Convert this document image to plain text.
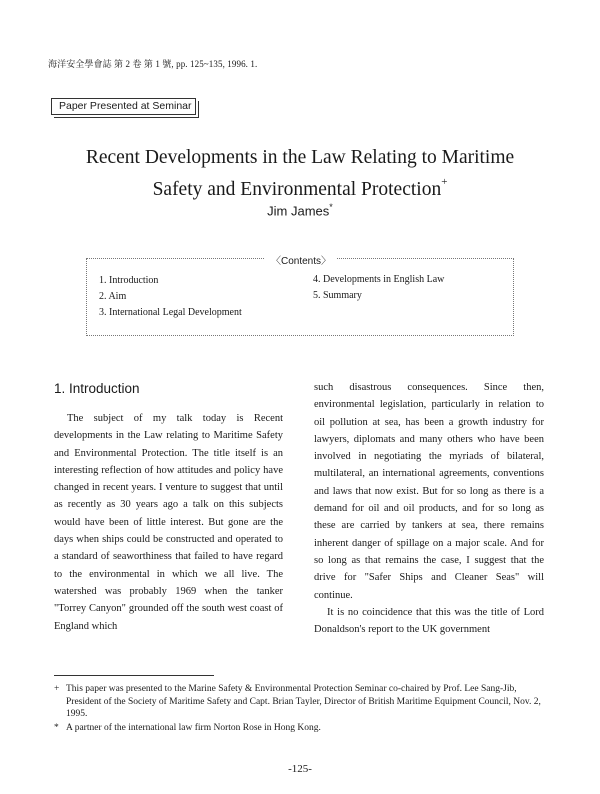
海洋安全學會誌 第 2 卷 第 1 號, pp. 125~135, 1996. 1.
Paper Presented at Seminar
Recent Developments in the Law Relating to Maritime
Safety and Environmental Protection+
Jim James*
〈Contents〉
1. Introduction
2. Aim
3. International Legal Development
4. Developments in English Law
5. Summary
1. Introduction

The subject of my talk today is Recent developments in the Law relating to Maritime Safety and Environmental Protection. The title itself is an interesting reflection of how attitudes and policy have changed in recent years. I venture to suggest that until as recently as 30 years ago a talk on this subjects would have been of little interest. But gone are the days when ships could be constructed and operated to a standard of seaworthiness that failed to have regard to the environmental in which we all live. The watershed was probably 1969 when the tanker "Torrey Canyon" grounded off the south west coast of England which

such disastrous consequences. Since then, environmental legislation, particularly in relation to oil pollution at sea, has been a growth industry for lawyers, diplomats and many others who have been involved in negotiating the myriads of bilateral, multilateral, an international agreements, conventions and laws that now exist. But for so long as there is a demand for oil and oil products, and for so long as these are carried by tankers at sea, there remains inherent danger of spillage on a major scale. And for so long as that remains the case, I suggest that the drive for "Safer Ships and Cleaner Seas" will continue.

It is no coincidence that this was the title of Lord Donaldson's report to the UK government

+ This paper was presented to the Marine Safety & Environmental Protection Seminar co-chaired by Prof. Lee Sang-Jib, President of the Society of Maritime Safety and Capt. Brian Tayler, Director of British Maritime Equipment Council, Nov. 2, 1995.
* A partner of the international law firm Norton Rose in Hong Kong.
-125-
